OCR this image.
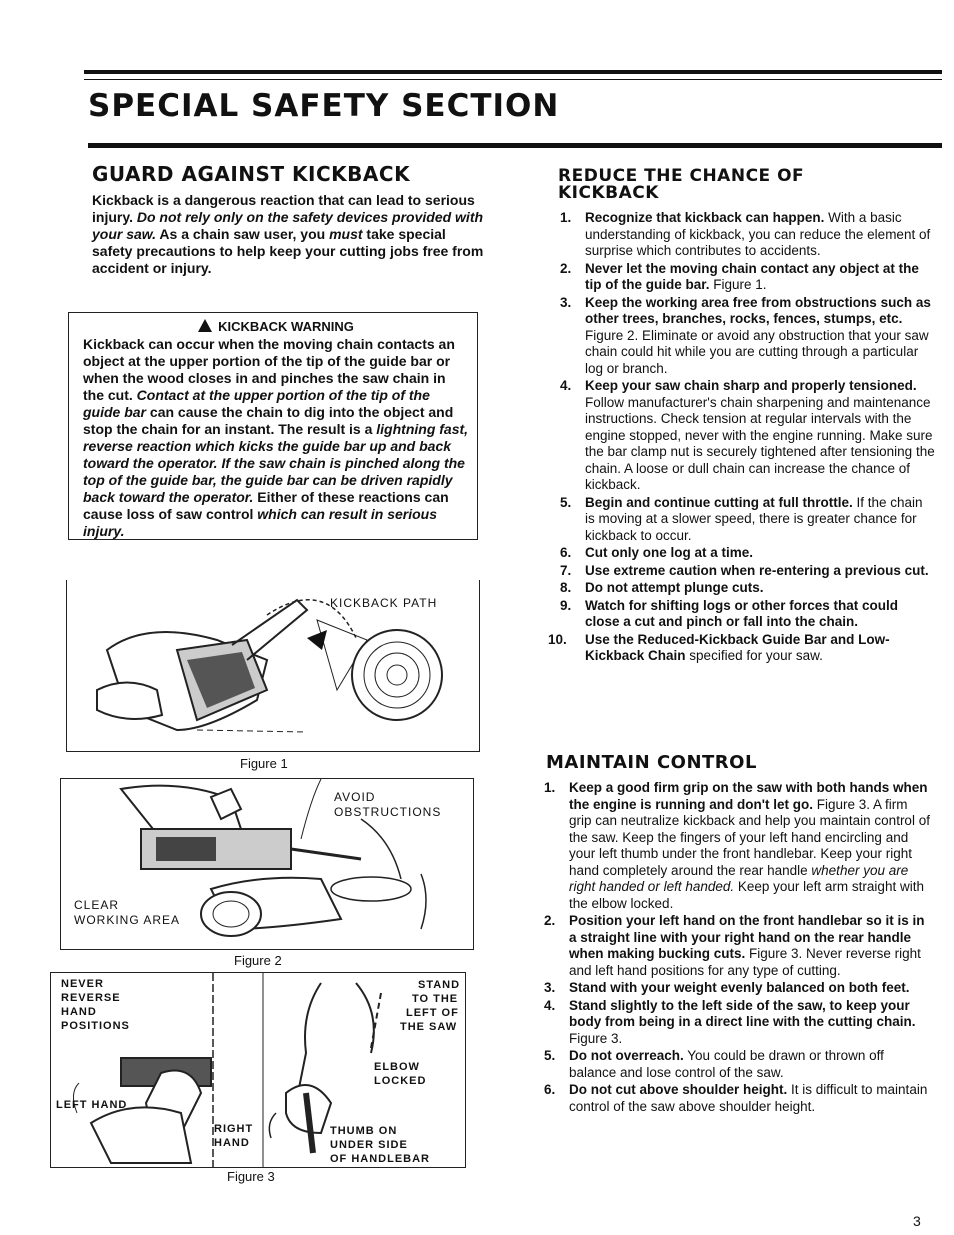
SPECIAL SAFETY SECTION
GUARD AGAINST KICKBACK
Kickback is a dangerous reaction that can lead to serious injury. Do not rely only on the safety devices provided with your saw. As a chain saw user, you must take special safety precautions to help keep your cutting jobs free from accident or injury.
KICKBACK WARNING
Kickback can occur when the moving chain contacts an object at the upper portion of the tip of the guide bar or when the wood closes in and pinches the saw chain in the cut. Contact at the upper portion of the tip of the guide bar can cause the chain to dig into the object and stop the chain for an instant. The result is a lightning fast, reverse reaction which kicks the guide bar up and back toward the operator. If the saw chain is pinched along the top of the guide bar, the guide bar can be driven rapidly back toward the operator. Either of these reactions can cause loss of saw control which can result in serious injury.
KICKBACK PATH
Figure 1
AVOID
OBSTRUCTIONS
CLEAR
WORKING AREA
Figure 2
NEVER
REVERSE
HAND
POSITIONS
STAND
TO THE
LEFT OF
THE SAW
ELBOW
LOCKED
LEFT HAND
RIGHT
HAND
THUMB ON
UNDER SIDE
OF HANDLEBAR
Figure 3
REDUCE THE CHANCE OF
KICKBACK
1. Recognize that kickback can happen. With a basic understanding of kickback, you can reduce the element of surprise which contributes to accidents.
2. Never let the moving chain contact any object at the tip of the guide bar. Figure 1.
3. Keep the working area free from obstructions such as other trees, branches, rocks, fences, stumps, etc. Figure 2. Eliminate or avoid any obstruction that your saw chain could hit while you are cutting through a particular log or branch.
4. Keep your saw chain sharp and properly tensioned. Follow manufacturer's chain sharpening and maintenance instructions. Check tension at regular intervals with the engine stopped, never with the engine running. Make sure the bar clamp nut is securely tightened after tensioning the chain. A loose or dull chain can increase the chance of kickback.
5. Begin and continue cutting at full throttle. If the chain is moving at a slower speed, there is greater chance for kickback to occur.
6. Cut only one log at a time.
7. Use extreme caution when re-entering a previous cut.
8. Do not attempt plunge cuts.
9. Watch for shifting logs or other forces that could close a cut and pinch or fall into the chain.
10. Use the Reduced-Kickback Guide Bar and Low-Kickback Chain specified for your saw.
MAINTAIN CONTROL
1. Keep a good firm grip on the saw with both hands when the engine is running and don't let go. Figure 3. A firm grip can neutralize kickback and help you maintain control of the saw. Keep the fingers of your left hand encircling and your left thumb under the front handlebar. Keep your right hand completely around the rear handle whether you are right handed or left handed. Keep your left arm straight with the elbow locked.
2. Position your left hand on the front handlebar so it is in a straight line with your right hand on the rear handle when making bucking cuts. Figure 3. Never reverse right and left hand positions for any type of cutting.
3. Stand with your weight evenly balanced on both feet.
4. Stand slightly to the left side of the saw, to keep your body from being in a direct line with the cutting chain. Figure 3.
5. Do not overreach. You could be drawn or thrown off balance and lose control of the saw.
6. Do not cut above shoulder height. It is difficult to maintain control of the saw above shoulder height.
3
